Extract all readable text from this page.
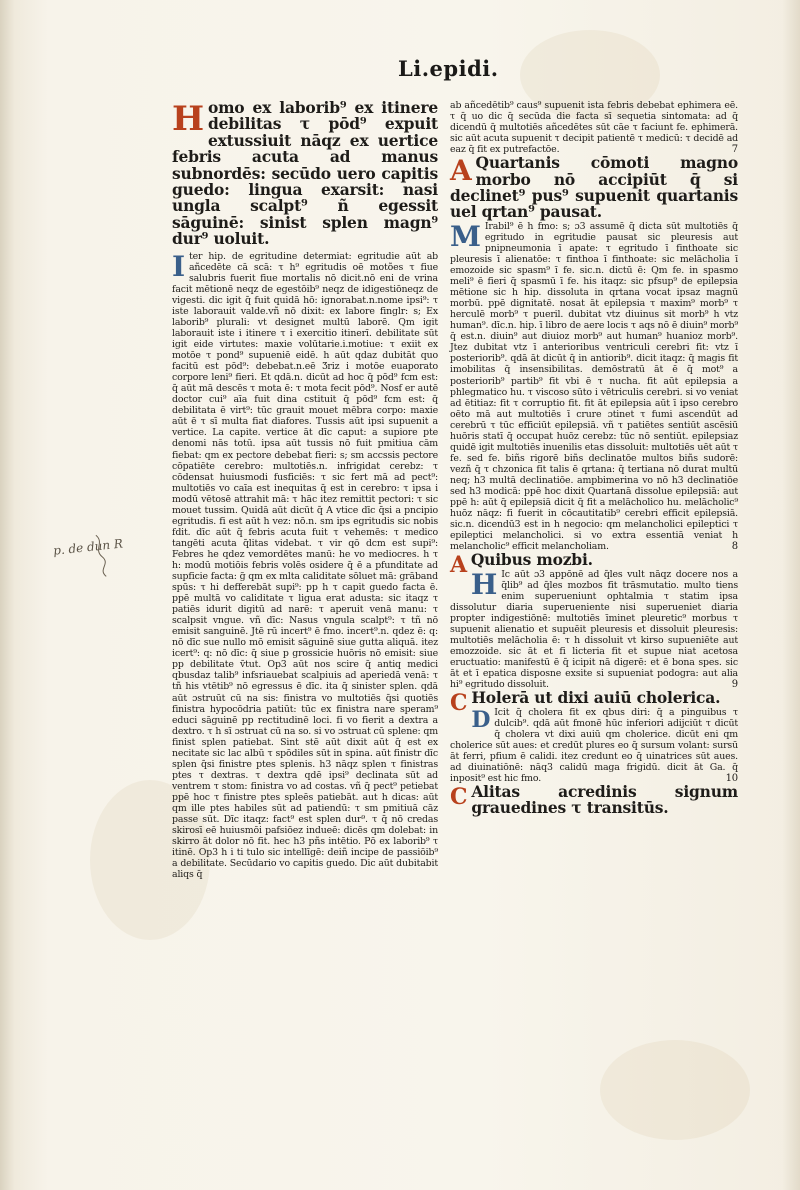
Li.epidi.
p. de dun R

Homo ex laborib⁹ ex itinere debilitas τ pōd⁹ expuit extussiuit nāqz ex uertice febris acuta ad manus subnordēs: secūdo uero capitis guedo: lingua exarsit: nasi ungla scalpt⁹ ñ egessit sāguinē: sinist splen magn⁹ dur⁹ uoluit.

Iter hip. de egritudine determiat: egritudie aūt ab añcedēte cā scā: τ h⁹ egritudis oē motões τ fiue salubris fuerit fiue mortalis nō dicit.nō eni de vrina facit mētionē neqz de egestōib⁹ neqz de idigestiōneqz de vigesti. dic igit q̄ fuit quidā hō: ignorabat.n.nome ipsi⁹: τ iste laborauit valde.vñ nō dixit: ex labore finglr: s; Ex laborib⁹ plurali: vt designet multū laborē. Qm igit laborauit iste i itinere τ i exercitio itinerī. debilitate sūt igit eide virtutes: maxie volūtarie.i.motiue: τ exiit ex motōe τ pond⁹ supueniē eidē. h aūt qdaz dubitāt quo facitū est pōd⁹: debebat.n.eē Ʒriz i motōe euaporato corpore leni⁹ fieri. Et qdā.n. dicūt ad hoc q̄ pōd⁹ fcm est: q̄ aūt mā descēs τ mota ē: τ mota fecit pōd⁹. Nosf er autē doctor cui⁹ aīa fuit dina cstituit q̄ pōd⁹ fcm est: q̄ debilitata ē virt⁹: tūc grauit mouet mēbra corpo: maxie aūt ē τ sī multa fiat diafores. Tussis aūt ipsi supuenit a vertice. La capite. vertice āt dīc caput: a supiore pte denomi nās totū. ipsa aūt tussis nō fuit pmitiua cām fiebat: qm ex pectore debebat fieri: s; sm accssis pectore cōpatiēte cerebro: multotiēs.n. infrigidat cerebz: τ cōdensat huiusmodi fusficiēs: τ sic fert mā ad pect⁹: multotiēs vo caīa est inequitas q̄ est in cerebro: τ ipsa i modū vētosē attrahit mā: τ hāc itez remittit pectori: τ sic mouet tussim. Quidā aūt dicūt q̄ A vtice dīc q̄si a pncipio egritudis. fi est aūt h vez: nō.n. sm ips egritudis sic nobis fdit. dīc aūt q̄ febris acuta fuit τ vehemēs: τ medico tangēti acuta q̄litas videbat. τ vir qō dcm est supi⁹: Febres he qdez vemordētes manū: he vo mediocres. h τ h: modū motiōis febris volēs osidere q̄ ē a pfunditate ad supficie facta: g̃ qm ex mlta caliditate sōluet mā: grāband spūs: τ hi defferebāt supi⁹: pp h τ capit guedo facta ē. ppē multā vo caliditate τ ligua erat adusta: sic itaqz τ patiēs idurit digitū ad narē: τ aperuit venā manu: τ scalpsit vngue. vñ dīc: Nasus vngula scalpt⁹: τ tñ nō emisit sanguinē. Jtē rū incert⁹ ē fmo. incert⁹.n. qdez ē: q: nō dīc sue nullo mō emisit sāguinē siue gutta aliquā. itez icert⁹: q: nō dīc: q̄ siue p grossicie huōris nō emisit: siue pp debilitate v̄tut. Op3 aūt nos scire q̄ antiq medici qbusdaz talib⁹ infsriauebat scalpiuis ad aperiedā venā: τ tñ his vtētib⁹ nō egressus ē dīc. ita q̄ sinister splen. qdā aūt ɔstruūt cū na sis: finistra vo multotiēs q̄si quotiēs finistra hypocōdria patiūt: tūc ex finistra nare speram⁹ educi sāguinē pp rectitudinē loci. fi vo fierit a dextra a dextro. τ h sī ɔstruat cū na so. si vo ɔstruat cū splene: qm finist splen patiebat. Sint stē aūt dixit aūt q̄ est ex necitate sic lac albū τ spōdiles sūt in spina. aūt finistr dīc splen q̄si finistre ptes splenis. h3 nāqz splen τ finistras ptes τ dextras. τ dextra qdē ipsi⁹ declinata sūt ad ventrem τ stom: finistra vo ad costas. vñ q̄ pect⁹ petiebat ppē hoc τ finistre ptes spleēs patiebāt. aut h dicas: aūt qm ille ptes habiles sūt ad patiendū: τ sm pmitiuā cāz passe sūt. Dīc itaqz: fact⁹ est splen dur⁹. τ q̄ nō credas skirosī eē huiusmōi pafsiōez indueē: dicēs qm dolebat: in skirro āt dolor nō fit. hec h3 pñs intētio. Pō ex laborib⁹ τ itinē. Op3 h i ti tulo sic intellīgē: deiñ incipe de passiōib⁹ a debilitate. Secūdario vo capitis guedo. Dic aūt dubitabit aliqs q̄

ab añcedētib⁹ caus⁹ supuenit ista febris debebat ephimera eē. τ q̄ uo dic q̄ secūda die facta sī sequetia sintomata: ad q̄ dicendū q̄ multotiēs añcedētes sūt cāe τ faciunt fe. ephimerā. sic aūt acuta supuenit τ decipit patientē τ medicū: τ decidē ad eaz q̄ fit ex putrefactōe.	7

A Quartanis cōmoti magno morbo nō accipiūt q̄ si declinet⁹ pus⁹ supuenit quartanis uel qrtan⁹ pausat.

M Irabil⁹ ē h fmo: s; ɔ3 assumē q̄ dicta sūt multotiēs q̄ egritudo in egritudie pausat sic pleuresis aut pnipneumonia ī apate: τ egritudo ī finthoate sic pleuresis ī alienatōe: τ finthoa ī finthoate: sic melācholia ī emozoide sic spasm⁹ ī fe. sic.n. dictū ē: Qm fe. in spasmo meli⁹ ē fieri q̄ spasmū ī fe. his itaqz: sic pfsup⁹ de epilepsia mētione sic h hip. dissoluta in qrtana vocat ipsaz magnū morbū. ppē dignitatē. nosat āt epilepsia τ maxim⁹ morb⁹ τ herculē morb⁹ τ pueril. dubitat vtz diuinus sit morb⁹ h vtz human⁹. dīc.n. hip. ī libro de aere locis τ aqs nō ē diuin⁹ morb⁹ q̄ est.n. diuin⁹ aut diuioz morb⁹ aut human⁹ huanioz morb⁹. Jtez dubitat vtz ī anterioribus ventriculi cerebri fit: vtz ī posteriorib⁹. qdā āt dicūt q̄ in antiorib⁹. dicit itaqz: q̄ magis fit imobilitas q̄ insensibilitas. demōstratū āt ē q̄ mot⁹ a posteriorib⁹ partib⁹ fit vbi ē τ nucha. fit aūt epilepsia a phlegmatico hu. τ viscoso sūto i vētriculis cerebri. si vo veniat ad ētitiaz: fit τ corruptio fit. fit āt epilepsia aūt ī ipso cerebro oēto mā aut multotiēs ī crure ɔtinet τ fumi ascendūt ad cerebrū τ tūc efficiūt epilepsiā. vñ τ patiētes sentiūt ascēsiū huōris statī q̄ occupat huōz cerebz: tūc nō sentiūt. epilepsiaz quidē igit multotiēs inuenilis etas dissoluit: multotiēs uēt aūt τ fe. sed fe. biñs rigorē biñs declinatōe multos biñs sudorē: vezñ q̄ τ chzonica fit talis ē qrtana: q̄ tertiana nō durat multū neq; h3 multā declinatiōe. ampbimerina vo nō h3 declinatiōe sed h3 modicā: ppē hoc dixit Quartanā dissolue epilepsiā: aut ppē h: aūt q̄ epilepsiā dicit q̄ fit a melācholico hu. melācholic⁹ huōz nāqz: fi fuerit in cōcautitatib⁹ cerebri efficit epilepsiā. sic.n. dicendū3 est in h negocio: qm melancholici epileptici τ epileptici melancholici. si vo extra essentiā veniat h melancholic⁹ efficit melancholiam.	8

A Quibus mozbi.

H Ic aūt ɔ3 appōnē ad q̄les vult nāqz docere nos a q̄lib⁹ ad q̄les mozbos fit trāsmutatio. multo tiens enim superueniunt ophtalmia τ statim ipsa dissolutur diaria superueniente nisi superueniet diaria propter indigestiōnē: multotiēs īminet pleuretic⁹ morbus τ supuenit alienatio et supuēit pleuresis et dissoluit pleuresis: multotiēs melācholia ē: τ h dissoluit vt kirso supueniēte aut emozzoide. sic āt et fi licteria fit et supue niat acetosa eructuatio: manifestū ē q̄ icipit nā digerē: et ē bona spes. sic āt et ī epatica disposne exsite si supueniat podogra: aut alia hi⁹ egritudo dissoluit.	9

C Holerā ut dixi auiū cholerica.

D Icit q̄ cholera fit ex qbus diri: q̄ a pinguibus τ dulcib⁹. qdā aūt fmonē hūc inferiori adijciūt τ dicūt q̄ cholera vt dixi auiū qm cholerice. dicūt eni qm cholerice sūt aues: et credūt plures eo q̄ sursum volant: sursū āt ferri, pfium ē calidi. itez credunt eo q̄ uinatrices sūt aues. ad diuinatiōnē: nāq3 calidū maga frigidū. dicit āt Ga. q̄ inposit⁹ est hic fmo.	10

C Alitas acredinis signum grauedines τ transitūs.
